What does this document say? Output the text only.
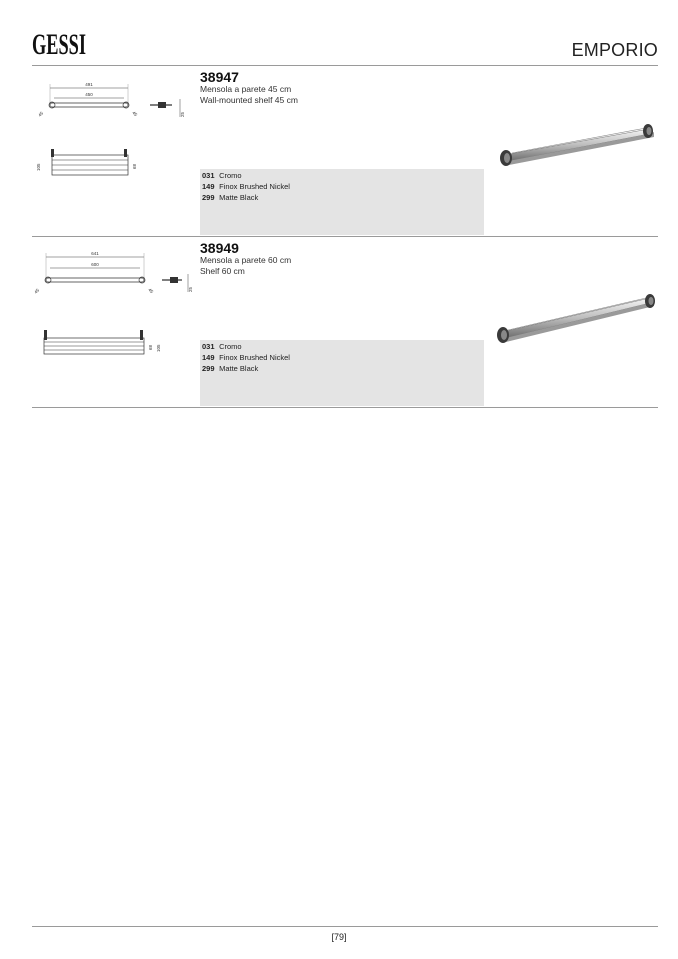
GESSI	EMPORIO
491
450
45	45	25
105	68
38947
Mensola a parete 45 cm
Wall-mounted shelf 45 cm
031 Cromo
149 Finox Brushed Nickel
299 Matte Black
641
600
45	45	25
68 105
38949
Mensola a parete 60 cm
Shelf 60 cm
031 Cromo
149 Finox Brushed Nickel
299 Matte Black
[79]
